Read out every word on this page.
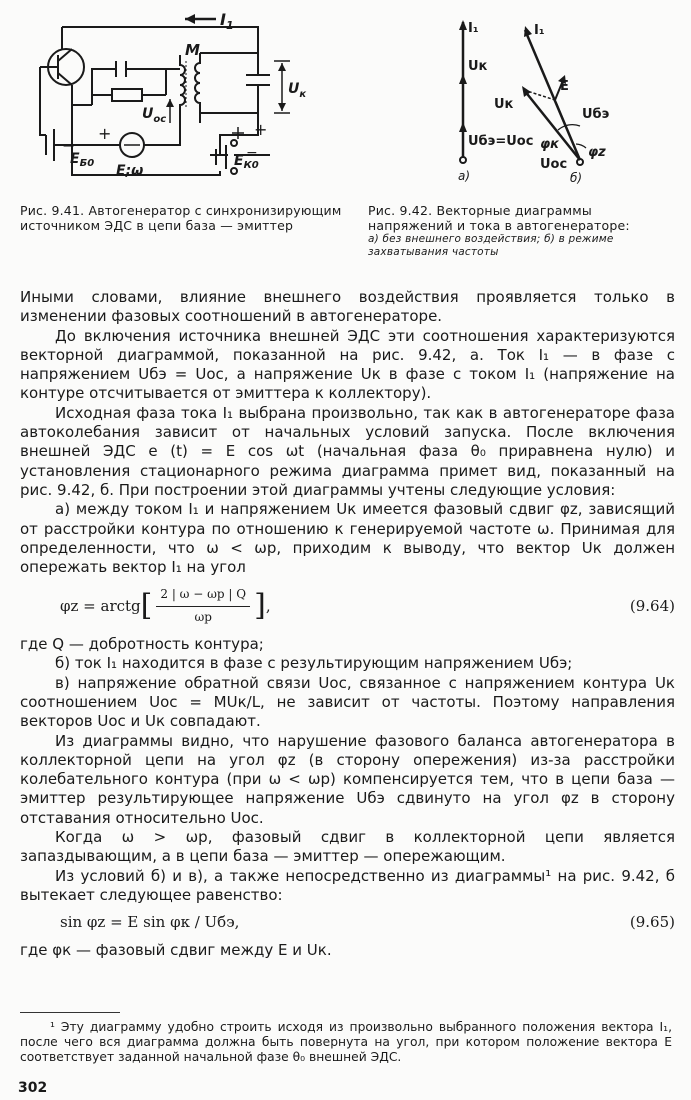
$I_1$
M
$U_{ос}$
−
+
$E_{Б0}$ E;ω
$U_к$
$E_{К0}$
−
+
Рис. 9.41. Автогенератор с синхронизирующим источником ЭДС в цепи база — эмиттер
I₁
Uк
Uбэ=Uос
а)
I₁
Uк
E
Uбэ
φк
Uос
φz
б)
Рис. 9.42. Векторные диаграммы напряжений и тока в автогенераторе:
а) без внешнего воздействия; б) в режиме захватывания частоты

Иными словами, влияние внешнего воздействия проявляется только в изменении фазовых соотношений в автогенераторе.

До включения источника внешней ЭДС эти соотношения характеризуются векторной диаграммой, показанной на рис. 9.42, а. Ток I₁ — в фазе с напряжением Uбэ = Uос, а напряжение Uк в фазе с током I₁ (напряжение на контуре отсчитывается от эмиттера к коллектору).

Исходная фаза тока I₁ выбрана произвольно, так как в автогенераторе фаза автоколебания зависит от начальных условий запуска. После включения внешней ЭДС e (t) = E cos ωt (начальная фаза θ₀ приравнена нулю) и установления стационарного режима диаграмма примет вид, показанный на рис. 9.42, б. При построении этой диаграммы учтены следующие условия:

а) между током I₁ и напряжением Uк имеется фазовый сдвиг φz, зависящий от расстройки контура по отношению к генерируемой частоте ω. Принимая для определенности, что ω < ωр, приходим к выводу, что вектор Uк должен опережать вектор I₁ на угол

φz = arctg [ $\frac{2 | \omega - \omega р | Q}{\omega р}$ ] ,	(9.64)

где Q — добротность контура;

б) ток I₁ находится в фазе с результирующим напряжением Uбэ;

в) напряжение обратной связи Uос, связанное с напряжением контура Uк соотношением Uос = MUк/L, не зависит от частоты. Поэтому направления векторов Uос и Uк совпадают.

Из диаграммы видно, что нарушение фазового баланса автогенератора в коллекторной цепи на угол φz (в сторону опережения) из-за расстройки колебательного контура (при ω < ωр) компенсируется тем, что в цепи база — эмиттер результирующее напряжение Uбэ сдвинуто на угол φz в сторону отставания относительно Uос.

Когда ω > ωр, фазовый сдвиг в коллекторной цепи является запаздывающим, а в цепи база — эмиттер — опережающим.

Из условий б) и в), а также непосредственно из диаграммы¹ на рис. 9.42, б вытекает следующее равенство:

sin φz = E sin φк / Uбэ,	(9.65)

где φк — фазовый сдвиг между E и Uк.

¹ Эту диаграмму удобно строить исходя из произвольно выбранного положения вектора I₁, после чего вся диаграмма должна быть повернута на угол, при котором положение вектора E соответствует заданной начальной фазе θ₀ внешней ЭДС.
302
